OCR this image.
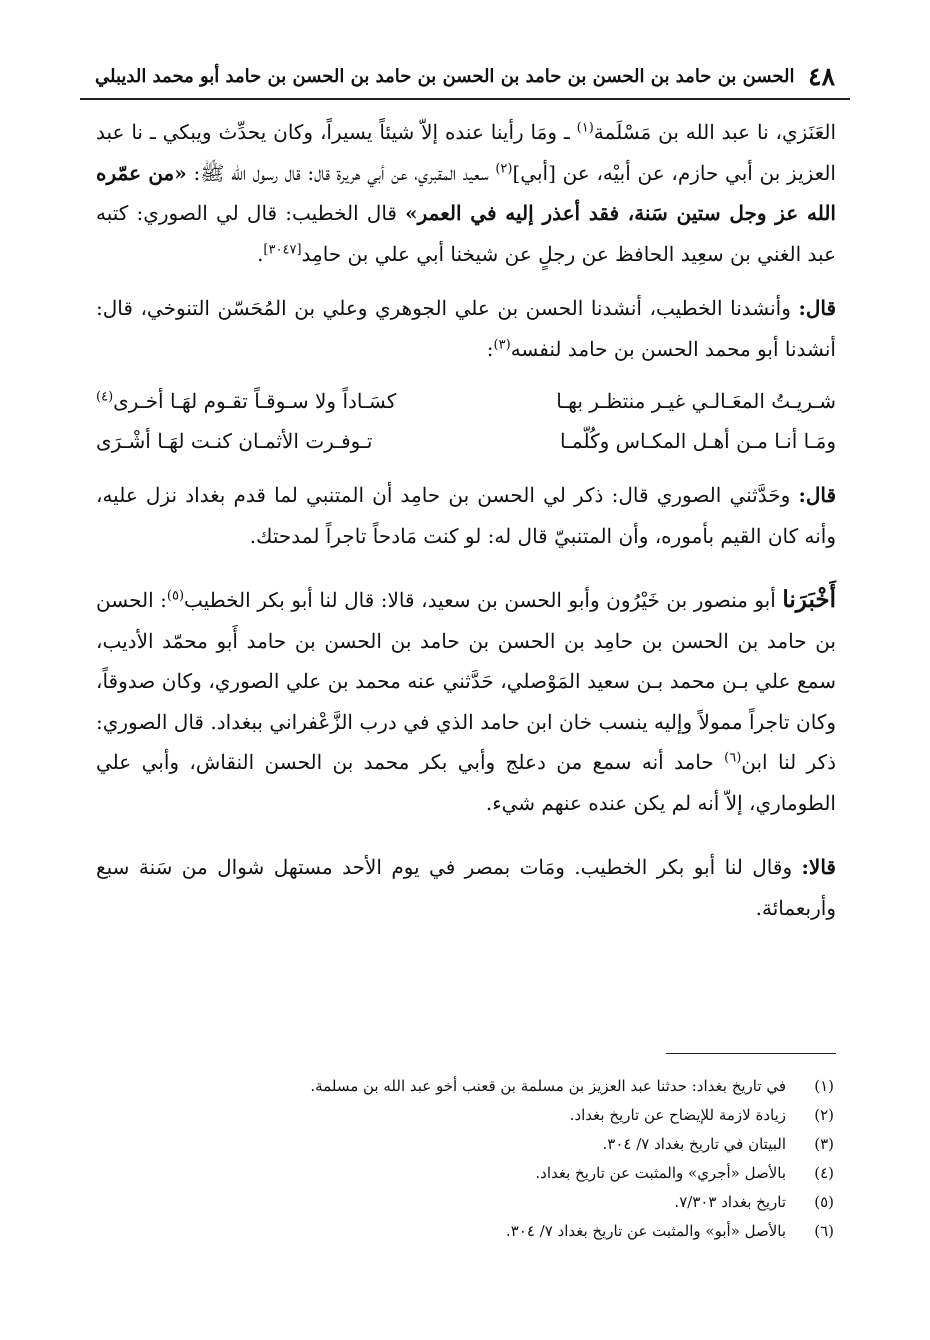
٤٨
الحسن بن حامد بن الحسن بن حامد بن الحسن بن حامد بن الحسن بن حامد أبو محمد الديبلي

العَنَزي، نا عبد الله بن مَسْلَمة$^{(١)}$ ـ ومَا رأينا عنده إلاّ شيئاً يسيراً، وكان يحدِّث ويبكي ـ نا عبد العزيز بن أبي حازم، عن أبيْه، عن [أبي]$^{(٢)}$ سعيد المقبري، عن أبي هريرة قال: قال رسول الله ﷺ: «من عمّره الله عز وجل ستين سَنة، فقد أعذر إليه في العمر» قال الخطيب: قال لي الصوري: كتبه عبد الغني بن سعِيد الحافظ عن رجلٍ عن شيخنا أبي علي بن حامِد[٣٠٤٧].

قال: وأنشدنا الخطيب، أنشدنا الحسن بن علي الجوهري وعلي بن المُحَسّن التنوخي، قال: أنشدنا أبو محمد الحسن بن حامد لنفسه$^{(٣)}$:

شـريـتُ المعَـالـي غيـر منتظـر بهـا
كسَـاداً ولا سـوقـاً تقـوم لهَـا أخـرى$^{(٤)}$
ومَـا أنـا مـن أهـل المكـاس وكُلّمـا
تـوفـرت الأثمـان كنـت لهَـا أشْـرَى

قال: وحَدَّثني الصوري قال: ذكر لي الحسن بن حامِد أن المتنبي لما قدم بغداد نزل عليه، وأنه كان القيم بأموره، وأن المتنبيّ قال له: لو كنت مَادحاً تاجراً لمدحتك.

أَخْبَرَنا أبو منصور بن خَيْرُون وأبو الحسن بن سعيد، قالا: قال لنا أبو بكر الخطيب$^{(٥)}$: الحسن بن حامد بن الحسن بن حامِد بن الحسن بن حامد بن الحسن بن حامد أَبو محمّد الأديب، سمع علي بـن محمد بـن سعيد المَوْصلي، حَدَّثني عنه محمد بن علي الصوري، وكان صدوقاً، وكان تاجراً ممولاً وإليه ينسب خان ابن حامد الذي في درب الزَّعْفراني ببغداد. قال الصوري: ذكر لنا ابن$^{(٦)}$ حامد أنه سمع من دعلج وأبي بكر محمد بن الحسن النقاش، وأبي علي الطوماري، إلاّ أنه لم يكن عنده عنهم شيء.

قالا: وقال لنا أبو بكر الخطيب. ومَات بمصر في يوم الأحد مستهل شوال من سَنة سبع وأربعمائة.

(١)
في تاريخ بغداد: حدثنا عبد العزيز بن مسلمة بن قعنب أخو عبد الله بن مسلمة.
(٢)
زيادة لازمة للإيضاح عن تاريخ بغداد.
(٣)
البيتان في تاريخ بغداد ٧/ ٣٠٤.
(٤)
بالأصل «أجري» والمثبت عن تاريخ بغداد.
(٥)
تاريخ بغداد ٧/٣٠٣.
(٦)
بالأصل «أبو» والمثبت عن تاريخ بغداد ٧/ ٣٠٤.
